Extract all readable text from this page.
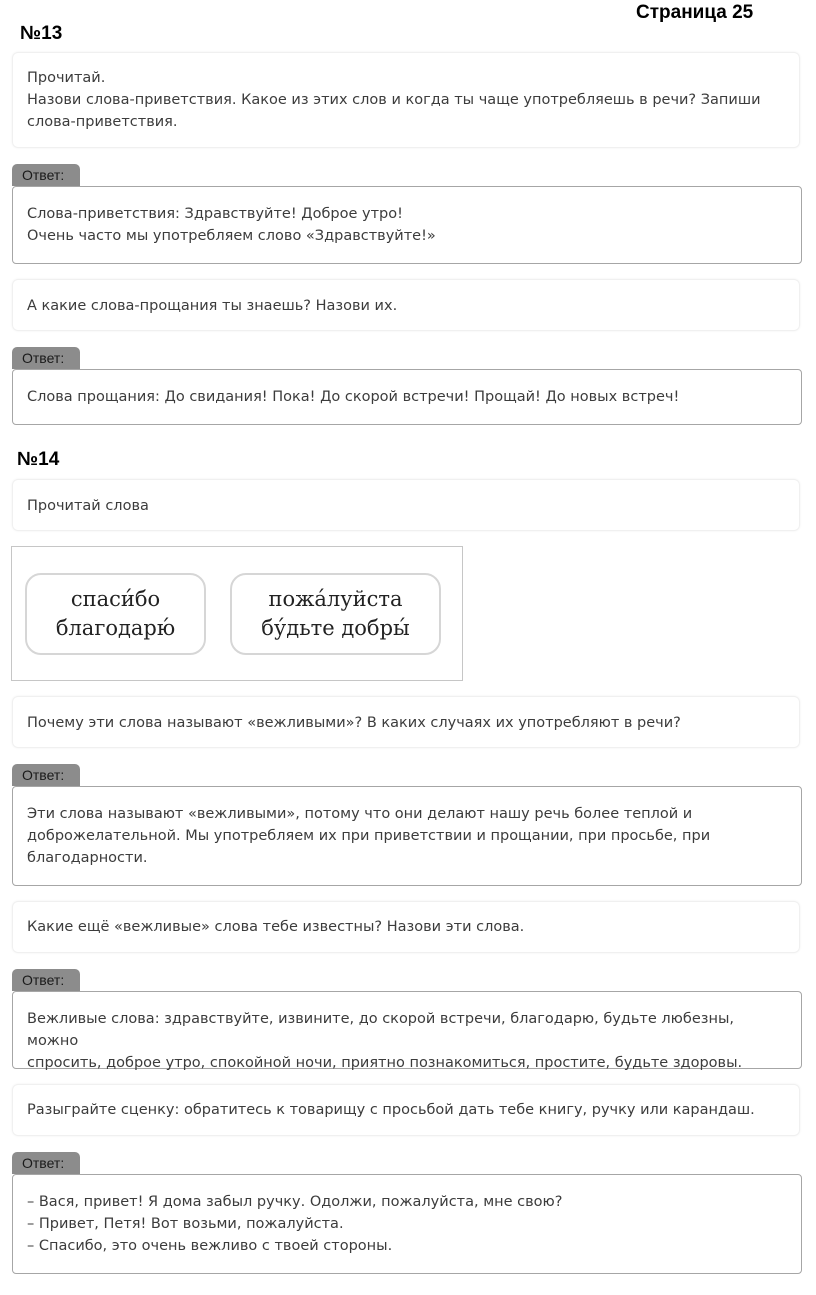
Страница 25
№13

Прочитай.

Назови слова-приветствия. Какое из этих слов и когда ты чаще употребляешь в речи? Запиши

слова-приветствия.

Ответ:

Слова-приветствия: Здравствуйте! Доброе утро!

Очень часто мы употребляем слово «Здравствуйте!»

А какие слова-прощания ты знаешь? Назови их.

Ответ:

Слова прощания: До свидания! Пока! До скорой встречи! Прощай! До новых встреч!

№14

Прочитай слова

спаси́бо
благодарю́
пожа́луйста
бу́дьте добры́

Почему эти слова называют «вежливыми»? В каких случаях их употребляют в речи?

Ответ:

Эти слова называют «вежливыми», потому что они делают нашу речь более теплой и

доброжелательной. Мы употребляем их при приветствии и прощании, при просьбе, при

благодарности.

Какие ещё «вежливые» слова тебе известны? Назови эти слова.

Ответ:

Вежливые слова: здравствуйте, извините, до скорой встречи, благодарю, будьте любезны, можно

спросить, доброе утро, спокойной ночи, приятно познакомиться, простите, будьте здоровы.

Разыграйте сценку: обратитесь к товарищу с просьбой дать тебе книгу, ручку или карандаш.

Ответ:

– Вася, привет! Я дома забыл ручку. Одолжи, пожалуйста, мне свою?

– Привет, Петя! Вот возьми, пожалуйста.

– Спасибо, это очень вежливо с твоей стороны.
